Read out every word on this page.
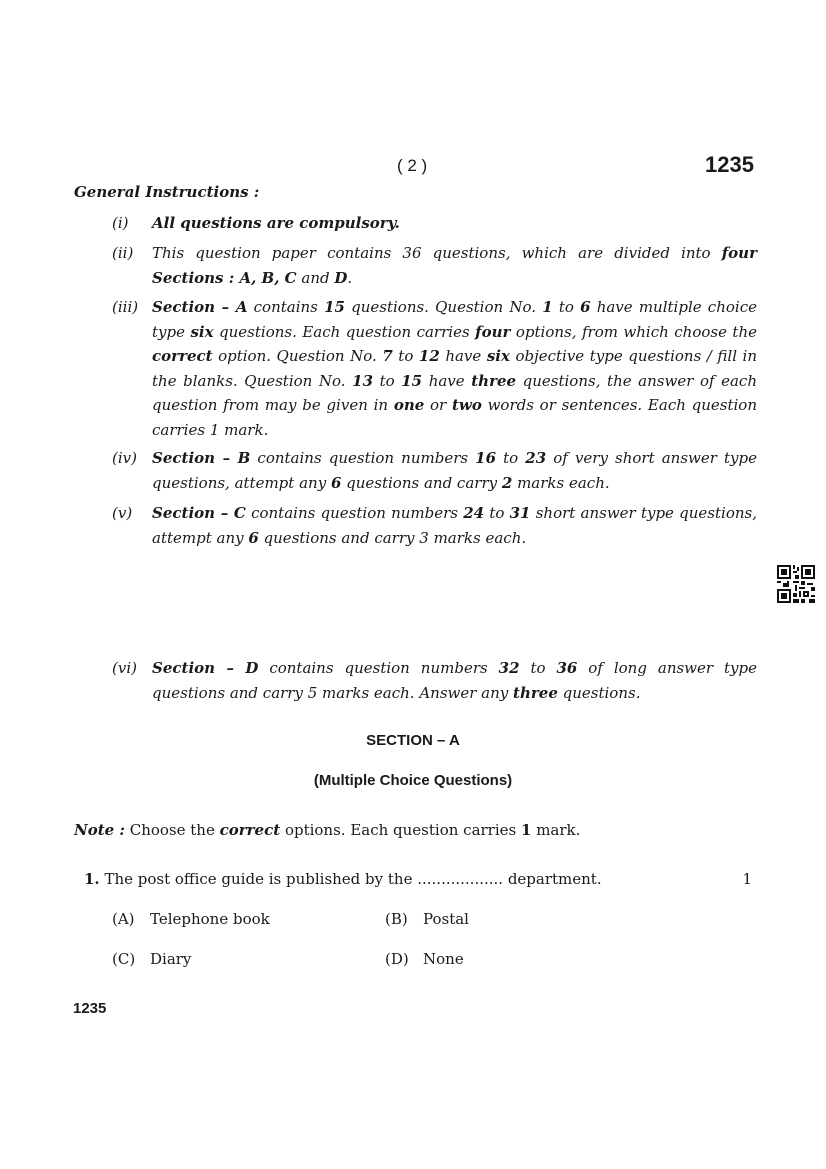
( 2 )	1235
General Instructions :
(i) All questions are compulsory.
(ii) This question paper contains 36 questions, which are divided into four Sections : A, B, C and D.
(iii) Section – A contains 15 questions. Question No. 1 to 6 have multiple choice type six questions. Each question carries four options, from which choose the correct option. Question No. 7 to 12 have six objective type questions / fill in the blanks. Question No. 13 to 15 have three questions, the answer of each question from may be given in one or two words or sentences. Each question carries 1 mark.
(iv) Section – B contains question numbers 16 to 23 of very short answer type questions, attempt any 6 questions and carry 2 marks each.
(v) Section – C contains question numbers 24 to 31 short answer type questions, attempt any 6 questions and carry 3 marks each.
(vi) Section – D contains question numbers 32 to 36 of long answer type questions and carry 5 marks each. Answer any three questions.
SECTION – A
(Multiple Choice Questions)
Note : Choose the correct options. Each question carries 1 mark.
1. The post office guide is published by the .................. department.	1
(A) Telephone book	(B) Postal
(C) Diary	(D) None
1235
